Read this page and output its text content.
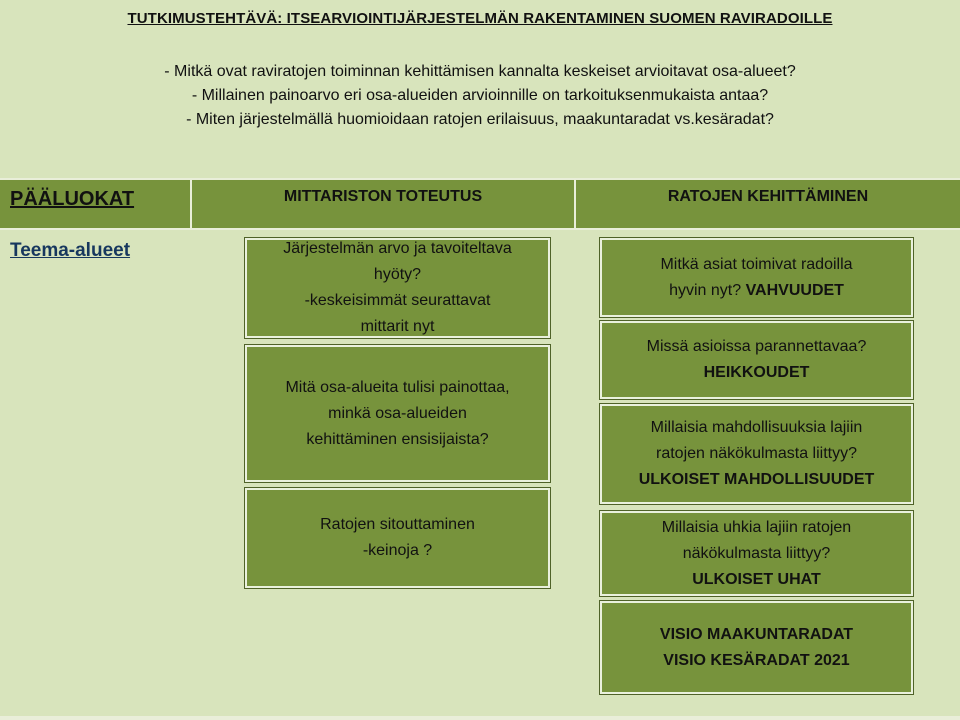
TUTKIMUSTEHTÄVÄ: ITSEARVIOINTIJÄRJESTELMÄN RAKENTAMINEN SUOMEN RAVIRADOILLE
- Mitkä ovat raviratojen toiminnan kehittämisen kannalta keskeiset arvioitavat osa-alueet?
- Millainen painoarvo eri osa-alueiden arvioinnille on tarkoituksenmukaista antaa?
- Miten järjestelmällä huomioidaan ratojen erilaisuus, maakuntaradat vs.kesäradat?
PÄÄLUOKAT	MITTARISTON TOTEUTUS	RATOJEN KEHITTÄMINEN
Teema-alueet	Järjestelmän arvo ja tavoiteltava
hyöty?
-keskeisimmät seurattavat
mittarit nyt
Mitä osa-alueita tulisi painottaa,
minkä osa-alueiden
kehittäminen ensisijaista?
Ratojen sitouttaminen
-keinoja ?
Mitkä asiat toimivat radoilla
hyvin nyt? VAHVUUDET
Missä asioissa parannettavaa?
HEIKKOUDET
Millaisia mahdollisuuksia lajiin
ratojen näkökulmasta liittyy?
ULKOISET MAHDOLLISUUDET
Millaisia uhkia lajiin ratojen
näkökulmasta liittyy?
ULKOISET UHAT
VISIO MAAKUNTARADAT
VISIO KESÄRADAT 2021
